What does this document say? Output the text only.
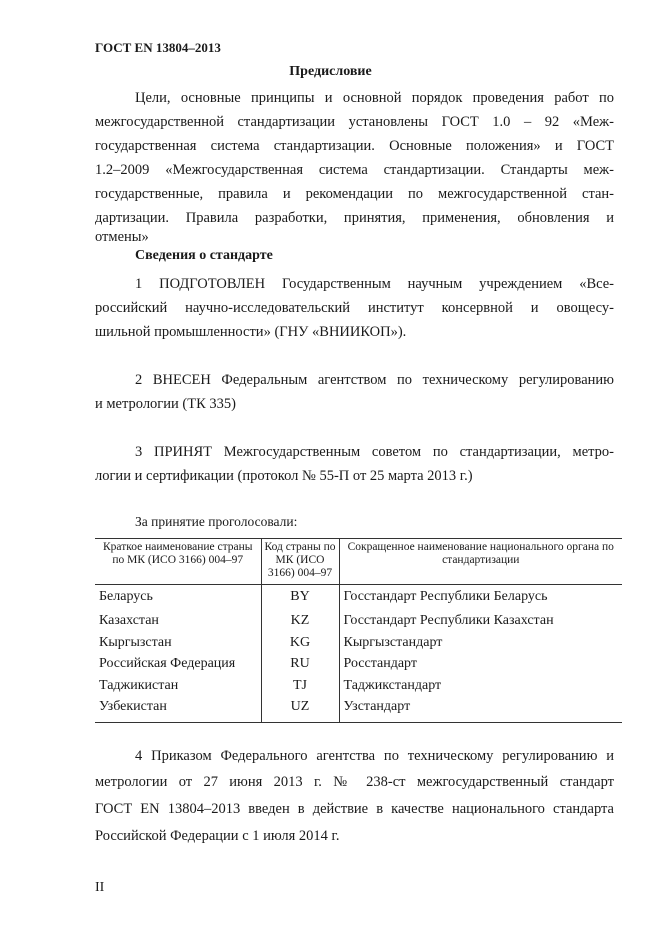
ГОСТ EN 13804–2013
Предисловие
Цели, основные принципы и основной порядок проведения работ по
межгосударственной стандартизации установлены ГОСТ 1.0 – 92 «Меж-
государственная система стандартизации. Основные положения» и ГОСТ
1.2–2009 «Межгосударственная система стандартизации. Стандарты меж-
государственные, правила и рекомендации по межгосударственной стан-
дартизации. Правила разработки, принятия, применения, обновления и
отмены»
Сведения о стандарте
1 ПОДГОТОВЛЕН Государственным научным учреждением «Все-
российский научно-исследовательский институт консервной и овощесу-
шильной промышленности» (ГНУ «ВНИИКОП»).
2 ВНЕСЕН Федеральным агентством по техническому регулированию
и метрологии (ТК 335)
3 ПРИНЯТ Межгосударственным советом по стандартизации, метро-
логии и сертификации (протокол № 55-П от 25 марта 2013 г.)
За принятие проголосовали:
Краткое наименование страны по МК (ИСО 3166) 004–97	Код страны по МК (ИСО 3166) 004–97	Сокращенное наименование национального органа по стандартизации
Беларусь	BY	Госстандарт Республики Беларусь
Казахстан	KZ	Госстандарт Республики Казахстан
Кыргызстан	KG	Кыргызстандарт
Российская Федерация	RU	Росстандарт
Таджикистан	TJ	Таджикстандарт
Узбекистан	UZ	Узстандарт
4 Приказом Федерального агентства по техническому регулированию и
метрологии от 27 июня 2013 г. № 238-ст межгосударственный стандарт
ГОСТ EN 13804–2013 введен в действие в качестве национального стандарта
Российской Федерации с 1 июля 2014 г.
II
